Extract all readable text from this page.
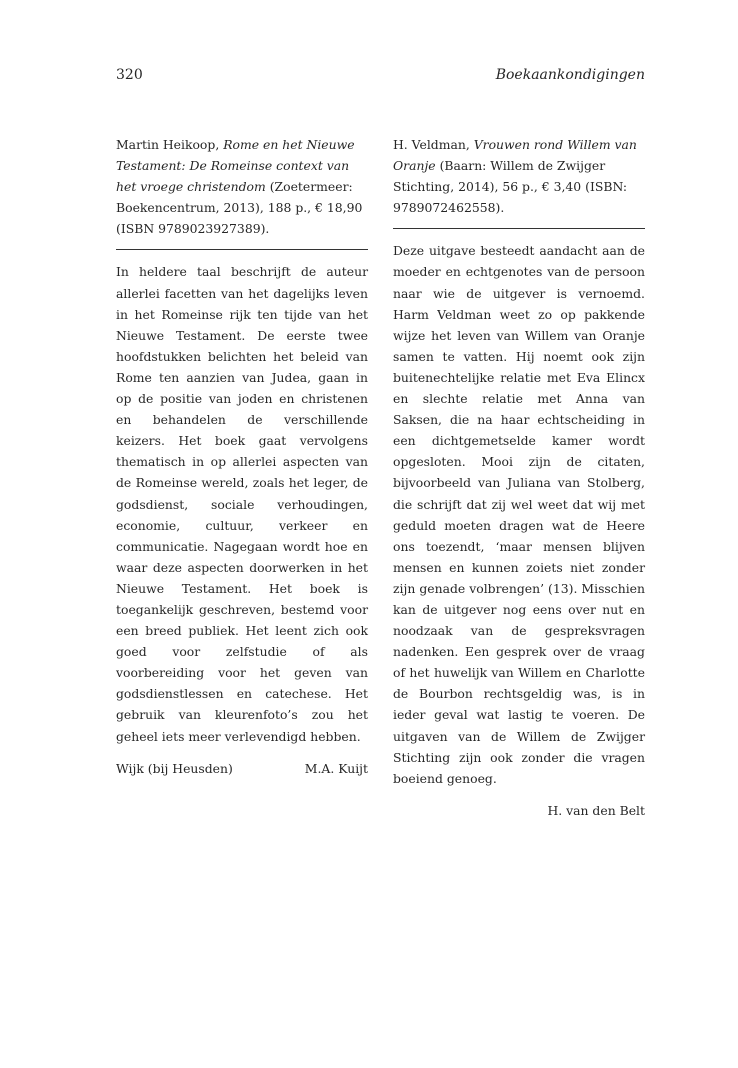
320	Boekaankondigingen

Martin Heikoop, Rome en het Nieuwe Testament: De Romeinse context van het vroege christendom (Zoetermeer: Boekencentrum, 2013), 188 p., € 18,90 (ISBN 9789023927389).

In heldere taal beschrijft de auteur allerlei facetten van het dagelijks leven in het Romeinse rijk ten tijde van het Nieuwe Testament. De eerste twee hoofdstukken belichten het beleid van Rome ten aanzien van Judea, gaan in op de positie van joden en christenen en behandelen de verschillende keizers. Het boek gaat vervolgens thematisch in op allerlei aspecten van de Romeinse wereld, zoals het leger, de godsdienst, sociale verhoudingen, economie, cultuur, verkeer en communicatie. Nagegaan wordt hoe en waar deze aspecten doorwerken in het Nieuwe Testament. Het boek is toegankelijk geschreven, bestemd voor een breed publiek. Het leent zich ook goed voor zelfstudie of als voorbereiding voor het geven van godsdienstlessen en catechese. Het gebruik van kleurenfoto’s zou het geheel iets meer verlevendigd hebben.

Wijk (bij Heusden)	M.A. Kuijt

H. Veldman, Vrouwen rond Willem van Oranje (Baarn: Willem de Zwijger Stichting, 2014), 56 p., € 3,40 (ISBN: 9789072462558).

Deze uitgave besteedt aandacht aan de moeder en echtgenotes van de persoon naar wie de uitgever is vernoemd. Harm Veldman weet zo op pakkende wijze het leven van Willem van Oranje samen te vatten. Hij noemt ook zijn buitenechtelijke relatie met Eva Elincx en slechte relatie met Anna van Saksen, die na haar echtscheiding in een dichtgemetselde kamer wordt opgesloten. Mooi zijn de citaten, bijvoorbeeld van Juliana van Stolberg, die schrijft dat zij wel weet dat wij met geduld moeten dragen wat de Heere ons toezendt, ‘maar mensen blijven mensen en kunnen zoiets niet zonder zijn genade volbrengen’ (13). Misschien kan de uitgever nog eens over nut en noodzaak van de gespreksvragen nadenken. Een gesprek over de vraag of het huwelijk van Willem en Charlotte de Bourbon rechtsgeldig was, is in ieder geval wat lastig te voeren. De uitgaven van de Willem de Zwijger Stichting zijn ook zonder die vragen boeiend genoeg.

H. van den Belt
